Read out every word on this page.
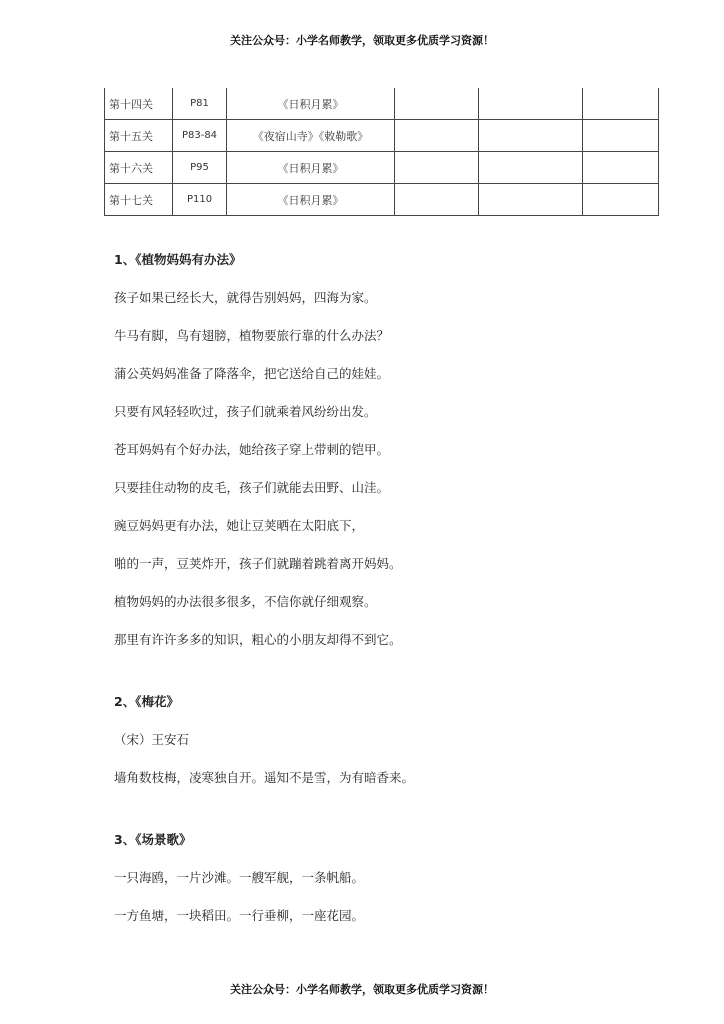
关注公众号：小学名师教学，领取更多优质学习资源！
第十四关	P81	《日积月累》			
第十五关	P83-84	《夜宿山寺》《敕勒歌》			
第十六关	P95	《日积月累》			
第十七关	P110	《日积月累》			

1、《植物妈妈有办法》

孩子如果已经长大，就得告别妈妈，四海为家。

牛马有脚，鸟有翅膀，植物要旅行靠的什么办法？

蒲公英妈妈准备了降落伞，把它送给自己的娃娃。

只要有风轻轻吹过，孩子们就乘着风纷纷出发。

苍耳妈妈有个好办法，她给孩子穿上带刺的铠甲。

只要挂住动物的皮毛，孩子们就能去田野、山洼。

豌豆妈妈更有办法，她让豆荚晒在太阳底下，

啪的一声，豆荚炸开，孩子们就蹦着跳着离开妈妈。

植物妈妈的办法很多很多，不信你就仔细观察。

那里有许许多多的知识，粗心的小朋友却得不到它。

2、《梅花》

（宋）王安石

墙角数枝梅，凌寒独自开。遥知不是雪，为有暗香来。

3、《场景歌》

一只海鸥，一片沙滩。一艘军舰，一条帆船。

一方鱼塘，一块稻田。一行垂柳，一座花园。

关注公众号：小学名师教学，领取更多优质学习资源！
